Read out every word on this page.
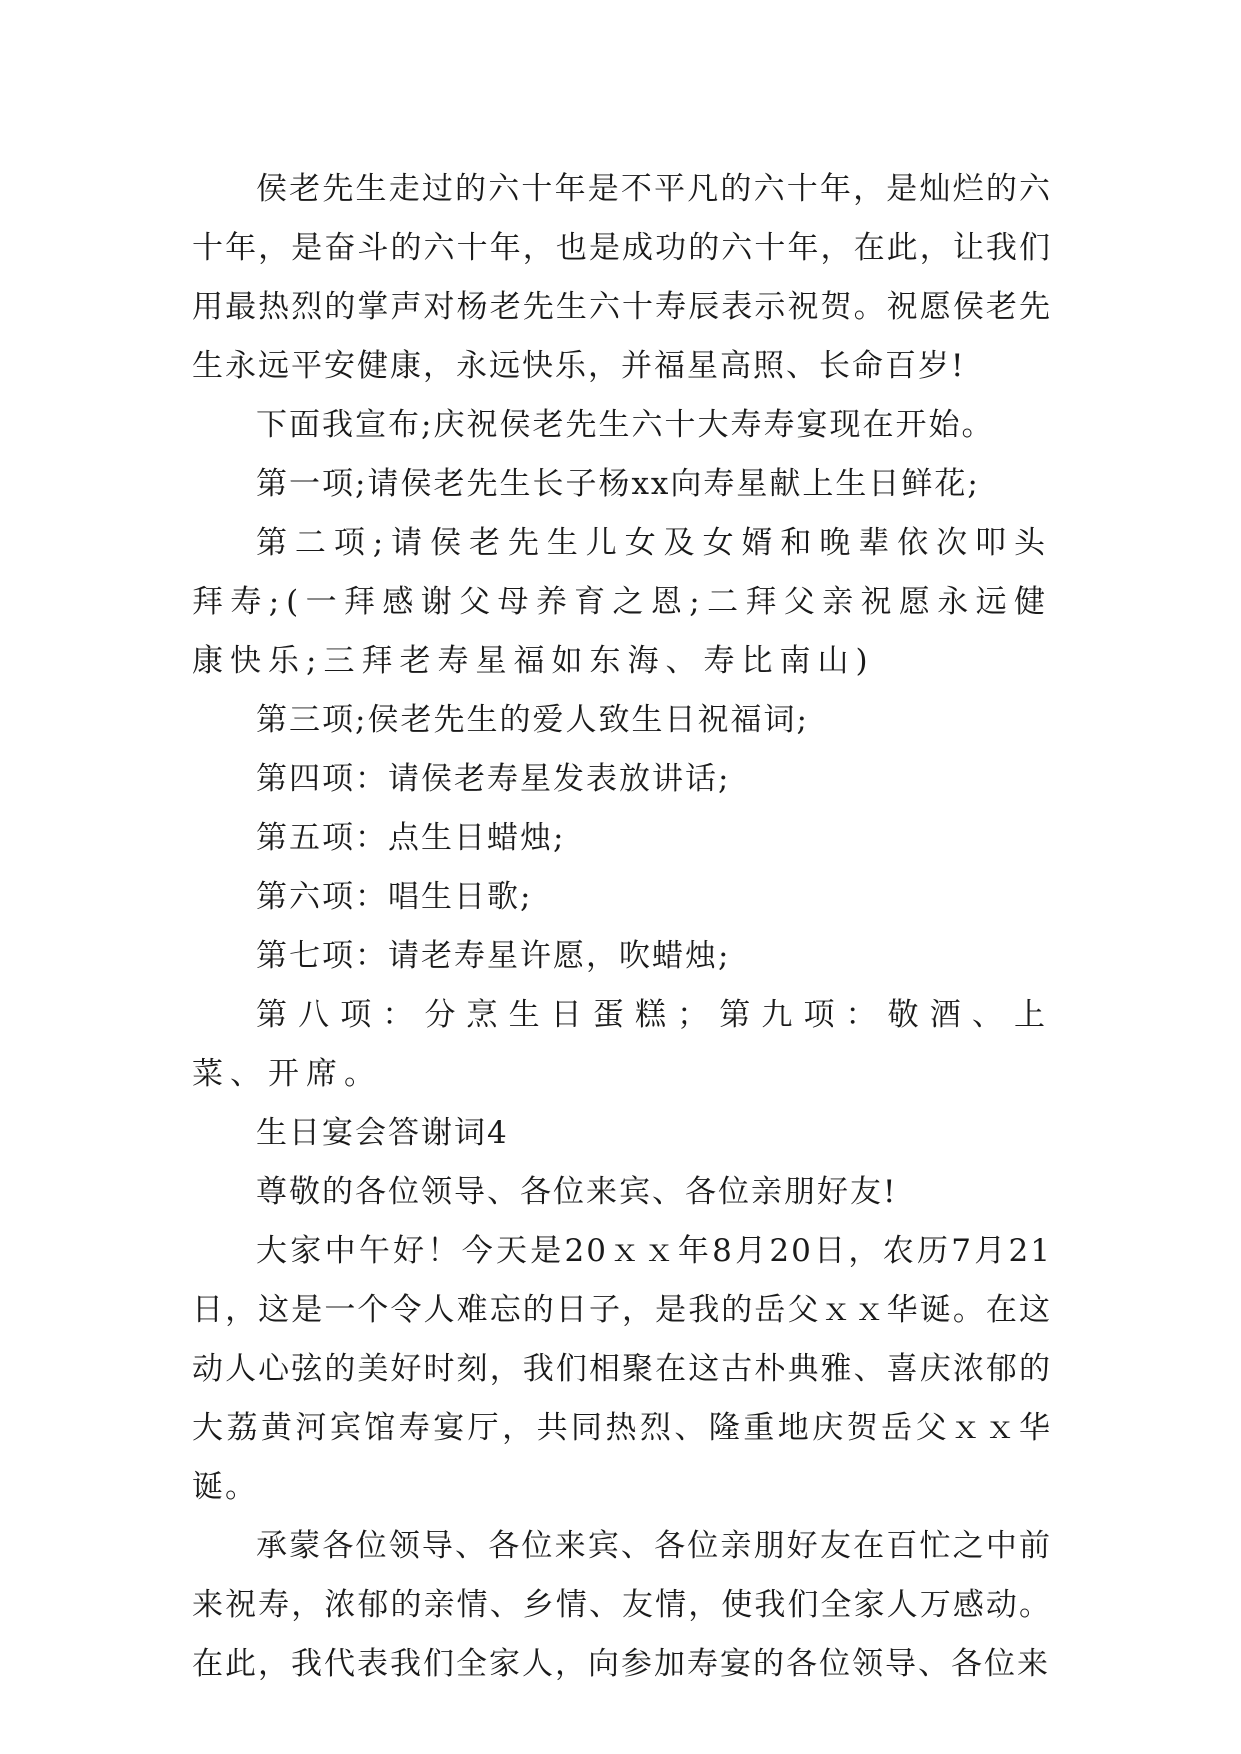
侯老先生走过的六十年是不平凡的六十年，是灿烂的六十年，是奋斗的六十年，也是成功的六十年，在此，让我们用最热烈的掌声对杨老先生六十寿辰表示祝贺。祝愿侯老先生永远平安健康，永远快乐，并福星高照、长命百岁!

下面我宣布;庆祝侯老先生六十大寿寿宴现在开始。

第一项;请侯老先生长子杨xx向寿星献上生日鲜花;

第二项;请侯老先生儿女及女婿和晚辈依次叩头拜寿;(一拜感谢父母养育之恩;二拜父亲祝愿永远健康快乐;三拜老寿星福如东海、寿比南山)

第三项;侯老先生的爱人致生日祝福词;

第四项：请侯老寿星发表放讲话;

第五项：点生日蜡烛;

第六项：唱生日歌;

第七项：请老寿星许愿，吹蜡烛;

第八项：分烹生日蛋糕；第九项：敬酒、上菜、开席。

生日宴会答谢词4

尊敬的各位领导、各位来宾、各位亲朋好友!

大家中午好！今天是20ｘｘ年8月20日，农历7月21日，这是一个令人难忘的日子，是我的岳父ｘｘ华诞。在这动人心弦的美好时刻，我们相聚在这古朴典雅、喜庆浓郁的大荔黄河宾馆寿宴厅，共同热烈、隆重地庆贺岳父ｘｘ华诞。

承蒙各位领导、各位来宾、各位亲朋好友在百忙之中前来祝寿，浓郁的亲情、乡情、友情，使我们全家人万感动。在此，我代表我们全家人，向参加寿宴的各位领导、各位来
